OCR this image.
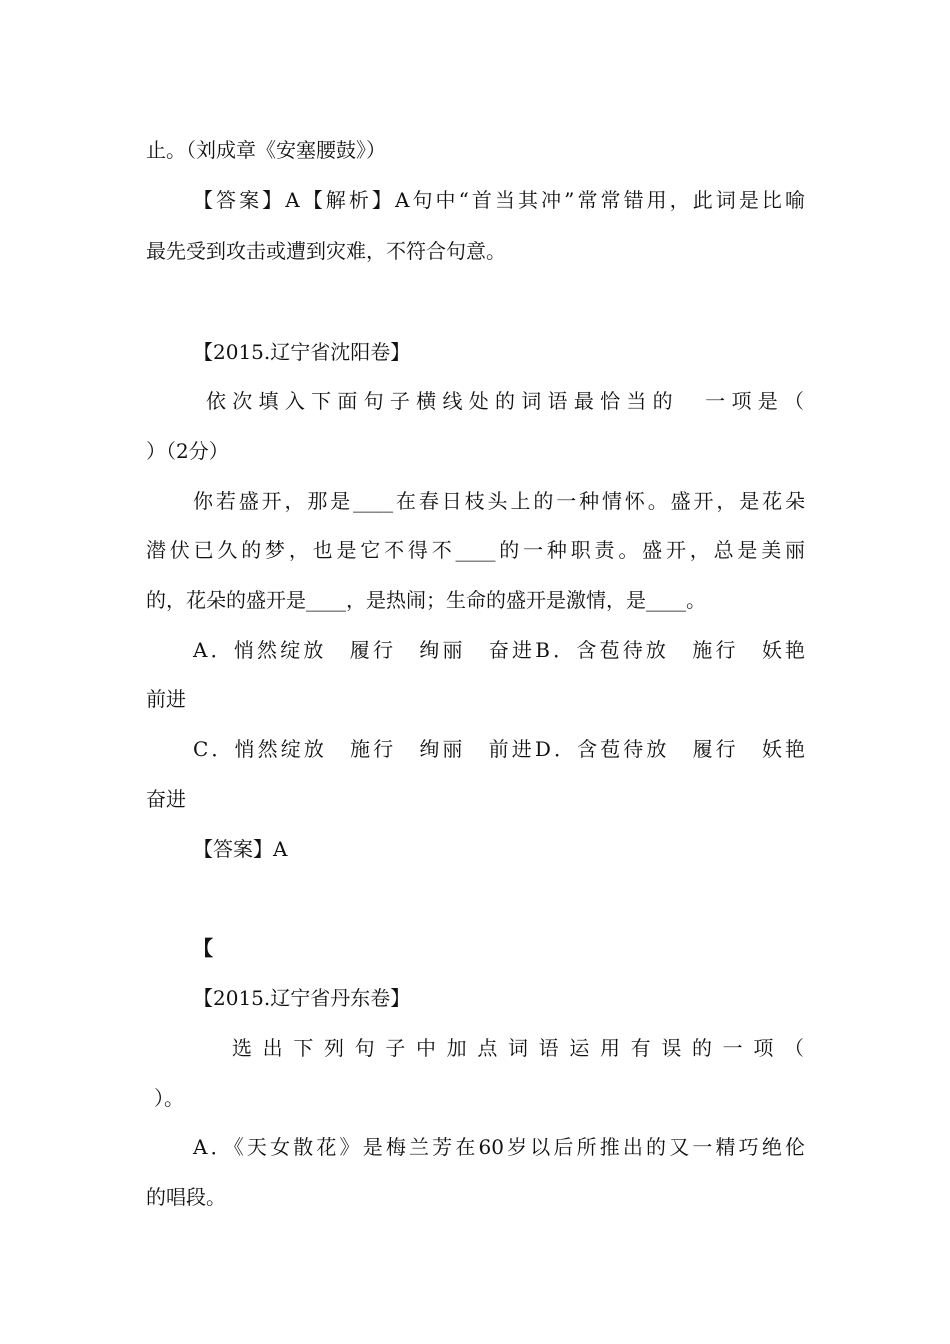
止。（刘成章《安塞腰鼓》）
【答案】A【解析】A句中“首当其冲”常常错用，此词是比喻
最先受到攻击或遭到灾难，不符合句意。
【2015.辽宁省沈阳卷】
依次填入下面句子横线处的词语最恰当的　一项是（
）（2分）
你若盛开，那是____在春日枝头上的一种情怀。盛开，是花朵
潜伏已久的梦，也是它不得不____的一种职责。盛开，总是美丽
的，花朵的盛开是____，是热闹；生命的盛开是激情，是____。
A．悄然绽放　履行　绚丽　奋进B．含苞待放　施行　妖艳
前进
C．悄然绽放　施行　绚丽　前进D．含苞待放　履行　妖艳
奋进
【答案】A
【
【2015.辽宁省丹东卷】
选出下列句子中加点词语运用有误的一项（
）。
A．《天女散花》是梅兰芳在60岁以后所推出的又一精巧绝伦
的唱段。
